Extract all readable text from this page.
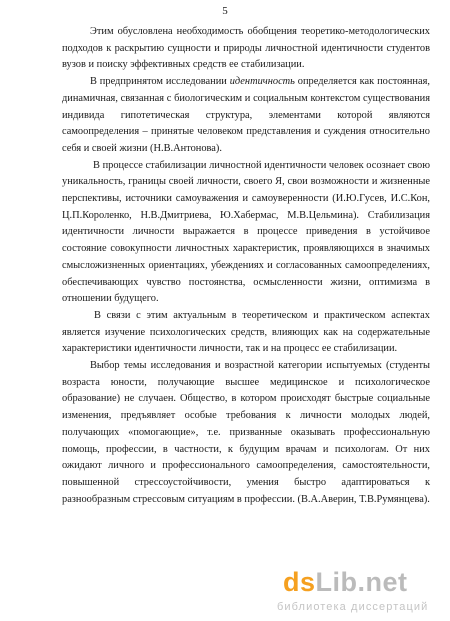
5

Этим обусловлена необходимость обобщения теоретико-методологических подходов к раскрытию сущности и природы личностной идентичности студентов вузов и поиску эффективных средств ее стабилизации.

В предпринятом исследовании идентичность определяется как постоянная, динамичная, связанная с биологическим и социальным контекстом существования индивида гипотетическая структура, элементами которой являются самоопределения – принятые человеком представления и суждения относительно себя и своей жизни (Н.В.Антонова).

В процессе стабилизации личностной идентичности человек осознает свою уникальность, границы своей личности, своего Я, свои возможности и жизненные перспективы, источники самоуважения и самоуверенности (И.Ю.Гусев, И.С.Кон, Ц.П.Короленко, Н.В.Дмитриева, Ю.Хабермас, М.В.Цельмина). Стабилизация идентичности личности выражается в процессе приведения в устойчивое состояние совокупности личностных характеристик, проявляющихся в значимых смысложизненных ориентациях, убеждениях и согласованных самоопределениях, обеспечивающих чувство постоянства, осмысленности жизни, оптимизма в отношении будущего.

В связи с этим актуальным в теоретическом и практическом аспектах является изучение психологических средств, влияющих как на содержательные характеристики идентичности личности, так и на процесс ее стабилизации.

Выбор темы исследования и возрастной категории испытуемых (студенты возраста юности, получающие высшее медицинское и психологическое образование) не случаен. Общество, в котором происходят быстрые социальные изменения, предъявляет особые требования к личности молодых людей, получающих «помогающие», т.е. призванные оказывать профессиональную помощь, профессии, в частности, к будущим врачам и психологам. От них ожидают личного и профессионального самоопределения, самостоятельности, повышенной стрессоустойчивости, умения быстро адаптироваться к разнообразным стрессовым ситуациям в профессии. (В.А.Аверин, Т.В.Румянцева).

dsLib.net
библиотека диссертаций
